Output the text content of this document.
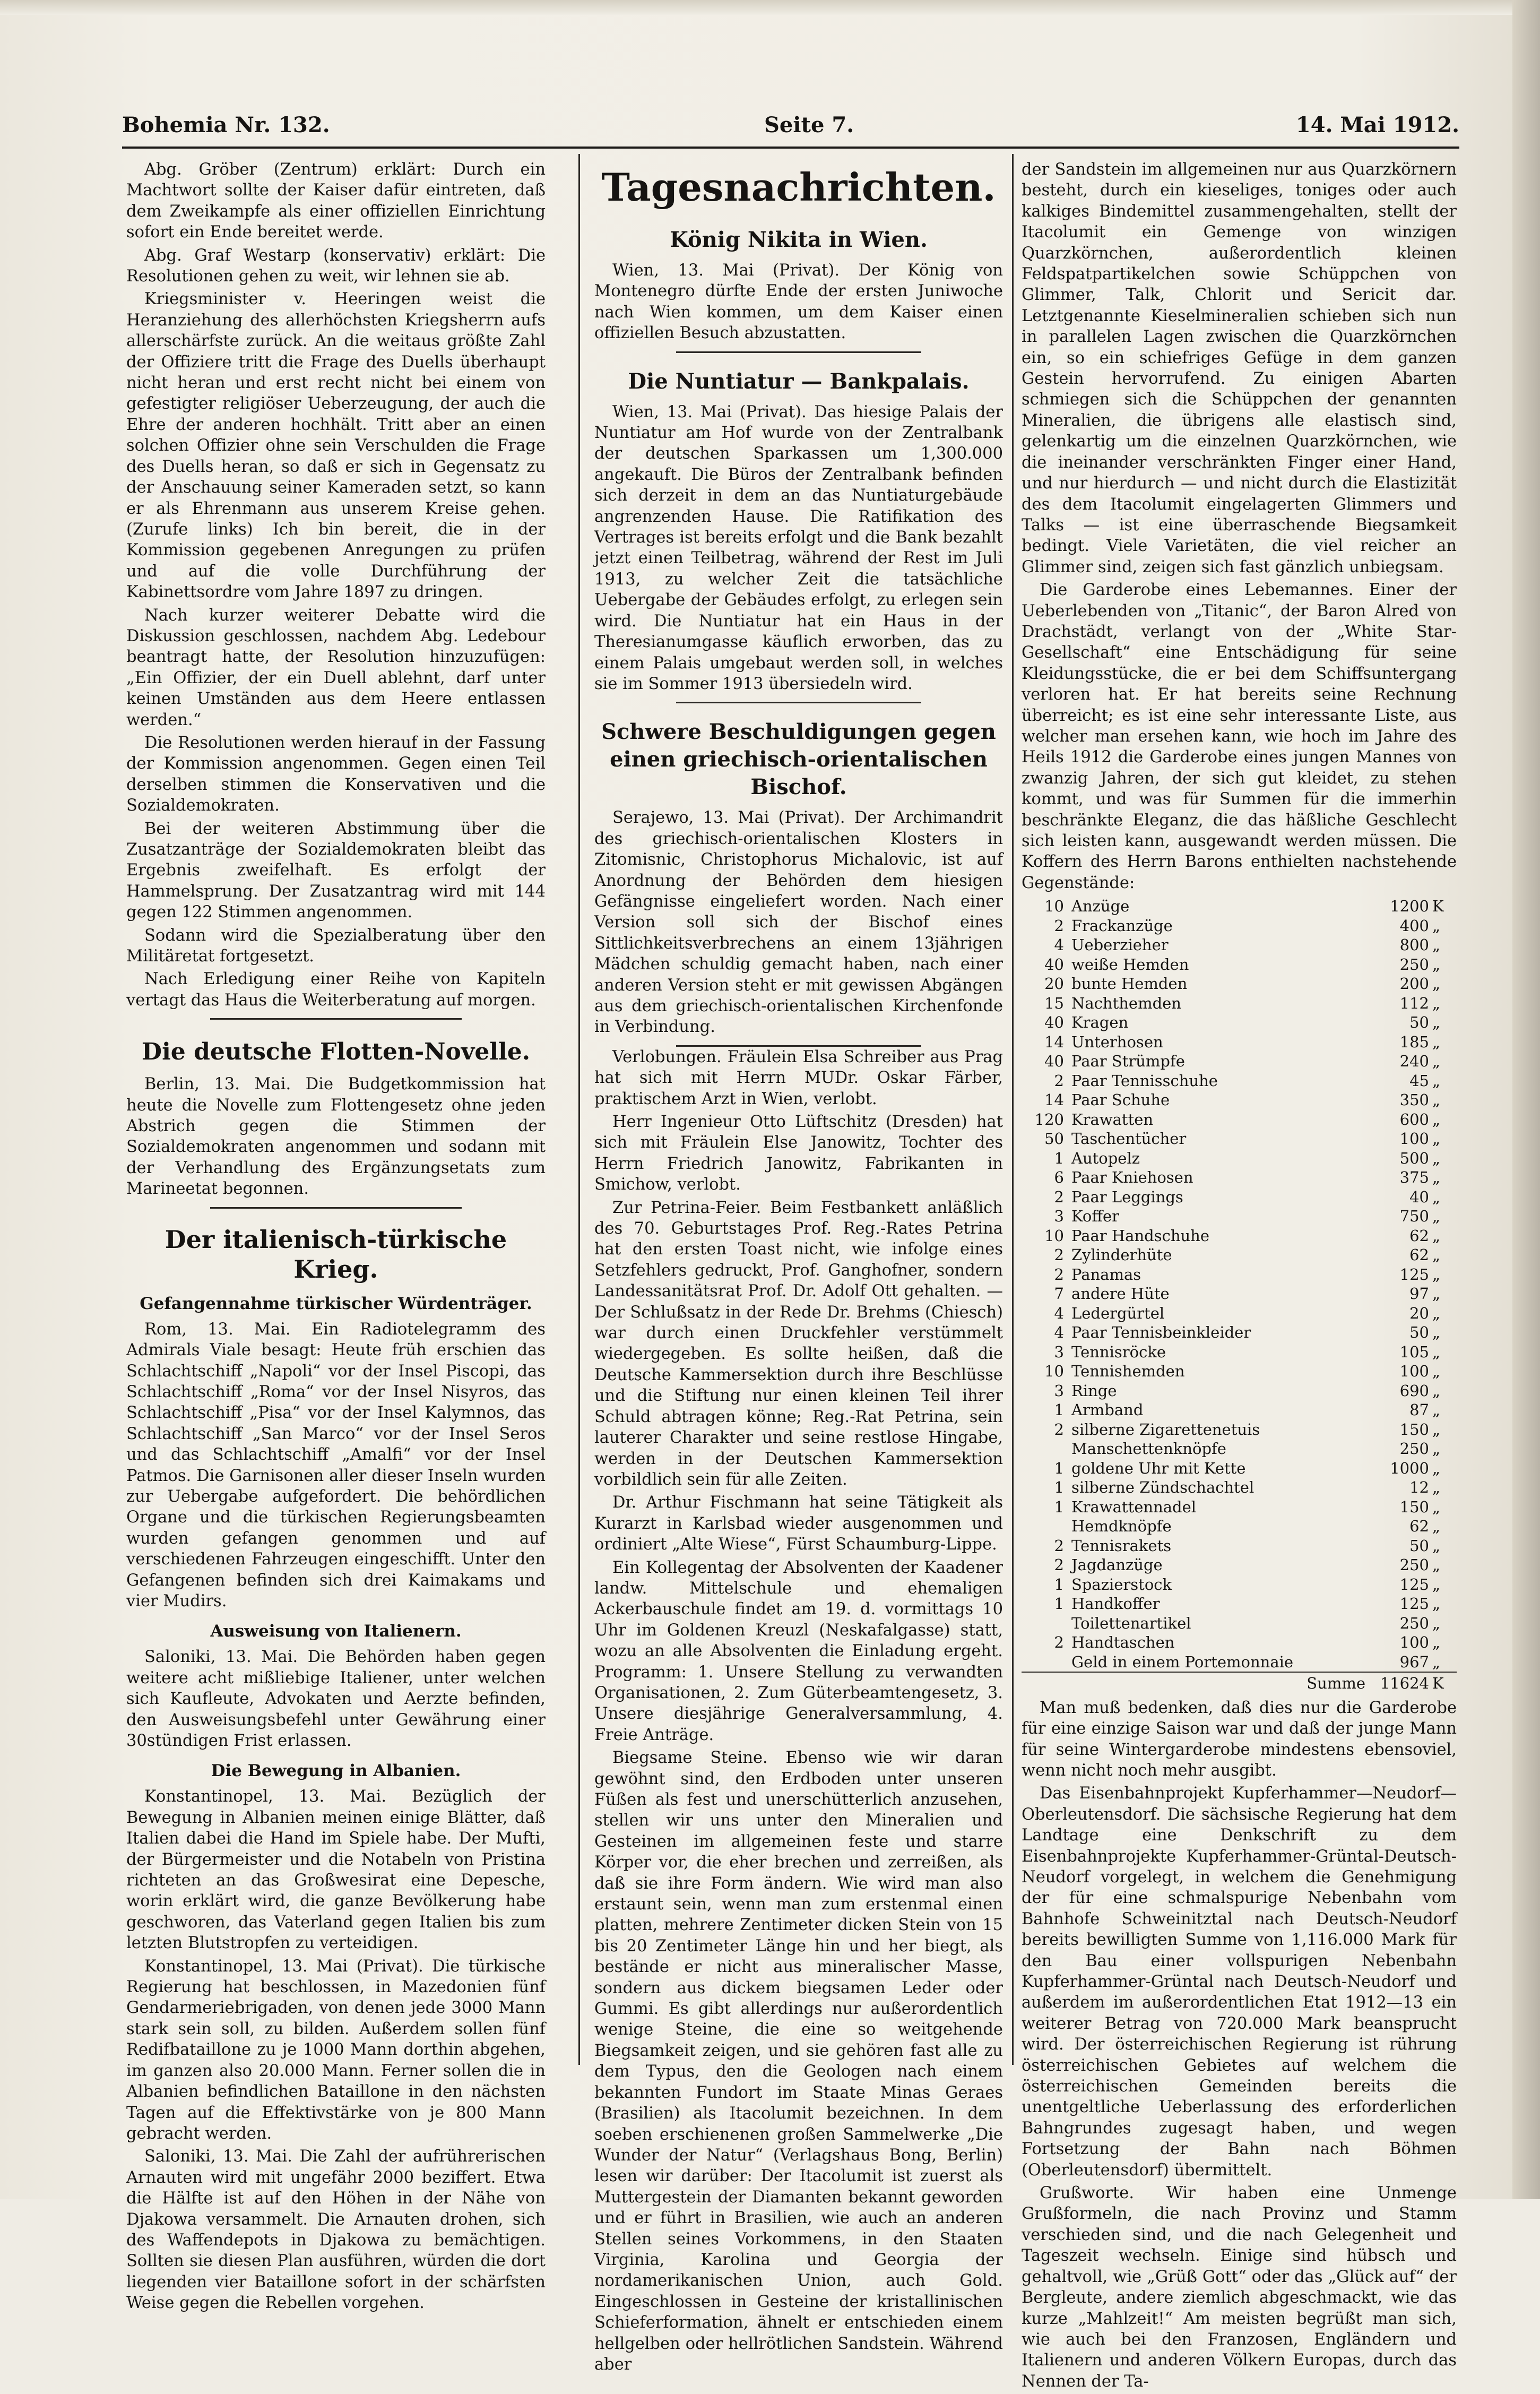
Bohemia Nr. 132.	Seite 7.	14. Mai 1912.

Abg. Gröber (Zentrum) erklärt: Durch ein Machtwort sollte der Kaiser dafür eintreten, daß dem Zweikampfe als einer offiziellen Einrichtung sofort ein Ende bereitet werde.

Abg. Graf Westarp (konservativ) erklärt: Die Resolutionen gehen zu weit, wir lehnen sie ab.

Kriegsminister v. Heeringen weist die Heranziehung des allerhöchsten Kriegsherrn aufs allerschärfste zurück. An die weitaus größte Zahl der Offiziere tritt die Frage des Duells überhaupt nicht heran und erst recht nicht bei einem von gefestigter religiöser Ueberzeugung, der auch die Ehre der anderen hochhält. Tritt aber an einen solchen Offizier ohne sein Verschulden die Frage des Duells heran, so daß er sich in Gegensatz zu der Anschauung seiner Kameraden setzt, so kann er als Ehrenmann aus unserem Kreise gehen. (Zurufe links) Ich bin bereit, die in der Kommission gegebenen Anregungen zu prüfen und auf die volle Durchführung der Kabinettsordre vom Jahre 1897 zu dringen.

Nach kurzer weiterer Debatte wird die Diskussion geschlossen, nachdem Abg. Ledebour beantragt hatte, der Resolution hinzuzufügen: „Ein Offizier, der ein Duell ablehnt, darf unter keinen Umständen aus dem Heere entlassen werden.“

Die Resolutionen werden hierauf in der Fassung der Kommission angenommen. Gegen einen Teil derselben stimmen die Konservativen und die Sozialdemokraten.

Bei der weiteren Abstimmung über die Zusatzanträge der Sozialdemokraten bleibt das Ergebnis zweifelhaft. Es erfolgt der Hammelsprung. Der Zusatzantrag wird mit 144 gegen 122 Stimmen angenommen.

Sodann wird die Spezialberatung über den Militäretat fortgesetzt.

Nach Erledigung einer Reihe von Kapiteln vertagt das Haus die Weiterberatung auf morgen.

Die deutsche Flotten-Novelle.

Berlin, 13. Mai. Die Budgetkommission hat heute die Novelle zum Flottengesetz ohne jeden Abstrich gegen die Stimmen der Sozialdemokraten angenommen und sodann mit der Verhandlung des Ergänzungsetats zum Marineetat begonnen.

Der italienisch-türkische Krieg.
Gefangennahme türkischer Würdenträger.

Rom, 13. Mai. Ein Radiotelegramm des Admirals Viale besagt: Heute früh erschien das Schlachtschiff „Napoli“ vor der Insel Piscopi, das Schlachtschiff „Roma“ vor der Insel Nisyros, das Schlachtschiff „Pisa“ vor der Insel Kalymnos, das Schlachtschiff „San Marco“ vor der Insel Seros und das Schlachtschiff „Amalfi“ vor der Insel Patmos. Die Garnisonen aller dieser Inseln wurden zur Uebergabe aufgefordert. Die behördlichen Organe und die türkischen Regierungsbeamten wurden gefangen genommen und auf verschiedenen Fahrzeugen eingeschifft. Unter den Gefangenen befinden sich drei Kaimakams und vier Mudirs.

Ausweisung von Italienern.

Saloniki, 13. Mai. Die Behörden haben gegen weitere acht mißliebige Italiener, unter welchen sich Kaufleute, Advokaten und Aerzte befinden, den Ausweisungsbefehl unter Gewährung einer 30stündigen Frist erlassen.

Die Bewegung in Albanien.

Konstantinopel, 13. Mai. Bezüglich der Bewegung in Albanien meinen einige Blätter, daß Italien dabei die Hand im Spiele habe. Der Mufti, der Bürgermeister und die Notabeln von Pristina richteten an das Großwesirat eine Depesche, worin erklärt wird, die ganze Bevölkerung habe geschworen, das Vaterland gegen Italien bis zum letzten Blutstropfen zu verteidigen.

Konstantinopel, 13. Mai (Privat). Die türkische Regierung hat beschlossen, in Mazedonien fünf Gendarmeriebrigaden, von denen jede 3000 Mann stark sein soll, zu bilden. Außerdem sollen fünf Redifbataillone zu je 1000 Mann dorthin abgehen, im ganzen also 20.000 Mann. Ferner sollen die in Albanien befindlichen Bataillone in den nächsten Tagen auf die Effektivstärke von je 800 Mann gebracht werden.

Saloniki, 13. Mai. Die Zahl der aufrührerischen Arnauten wird mit ungefähr 2000 beziffert. Etwa die Hälfte ist auf den Höhen in der Nähe von Djakowa versammelt. Die Arnauten drohen, sich des Waffendepots in Djakowa zu bemächtigen. Sollten sie diesen Plan ausführen, würden die dort liegenden vier Bataillone sofort in der schärfsten Weise gegen die Rebellen vorgehen.

Tagesnachrichten.
König Nikita in Wien.

Wien, 13. Mai (Privat). Der König von Montenegro dürfte Ende der ersten Juniwoche nach Wien kommen, um dem Kaiser einen offiziellen Besuch abzustatten.

Die Nuntiatur — Bankpalais.

Wien, 13. Mai (Privat). Das hiesige Palais der Nuntiatur am Hof wurde von der Zentralbank der deutschen Sparkassen um 1,300.000 angekauft. Die Büros der Zentralbank befinden sich derzeit in dem an das Nuntiaturgebäude angrenzenden Hause. Die Ratifikation des Vertrages ist bereits erfolgt und die Bank bezahlt jetzt einen Teilbetrag, während der Rest im Juli 1913, zu welcher Zeit die tatsächliche Uebergabe der Gebäudes erfolgt, zu erlegen sein wird. Die Nuntiatur hat ein Haus in der Theresianumgasse käuflich erworben, das zu einem Palais umgebaut werden soll, in welches sie im Sommer 1913 übersiedeln wird.

Schwere Beschuldigungen gegen einen griechisch-orientalischen Bischof.

Serajewo, 13. Mai (Privat). Der Archimandrit des griechisch-orientalischen Klosters in Zitomisnic, Christophorus Michalovic, ist auf Anordnung der Behörden dem hiesigen Gefängnisse eingeliefert worden. Nach einer Version soll sich der Bischof eines Sittlichkeitsverbrechens an einem 13jährigen Mädchen schuldig gemacht haben, nach einer anderen Version steht er mit gewissen Abgängen aus dem griechisch-orientalischen Kirchenfonde in Verbindung.

Verlobungen. Fräulein Elsa Schreiber aus Prag hat sich mit Herrn MUDr. Oskar Färber, praktischem Arzt in Wien, verlobt.

Herr Ingenieur Otto Lüftschitz (Dresden) hat sich mit Fräulein Else Janowitz, Tochter des Herrn Friedrich Janowitz, Fabrikanten in Smichow, verlobt.

Zur Petrina-Feier. Beim Festbankett anläßlich des 70. Geburtstages Prof. Reg.-Rates Petrina hat den ersten Toast nicht, wie infolge eines Setzfehlers gedruckt, Prof. Ganghofner, sondern Landessanitätsrat Prof. Dr. Adolf Ott gehalten. — Der Schlußsatz in der Rede Dr. Brehms (Chiesch) war durch einen Druckfehler verstümmelt wiedergegeben. Es sollte heißen, daß die Deutsche Kammersektion durch ihre Beschlüsse und die Stiftung nur einen kleinen Teil ihrer Schuld abtragen könne; Reg.-Rat Petrina, sein lauterer Charakter und seine restlose Hingabe, werden in der Deutschen Kammersektion vorbildlich sein für alle Zeiten.

Dr. Arthur Fischmann hat seine Tätigkeit als Kurarzt in Karlsbad wieder ausgenommen und ordiniert „Alte Wiese“, Fürst Schaumburg-Lippe.

Ein Kollegentag der Absolventen der Kaadener landw. Mittelschule und ehemaligen Ackerbauschule findet am 19. d. vormittags 10 Uhr im Goldenen Kreuzl (Neskafalgasse) statt, wozu an alle Absolventen die Einladung ergeht. Programm: 1. Unsere Stellung zu verwandten Organisationen, 2. Zum Güterbeamtengesetz, 3. Unsere diesjährige Generalversammlung, 4. Freie Anträge.

Biegsame Steine. Ebenso wie wir daran gewöhnt sind, den Erdboden unter unseren Füßen als fest und unerschütterlich anzusehen, stellen wir uns unter den Mineralien und Gesteinen im allgemeinen feste und starre Körper vor, die eher brechen und zerreißen, als daß sie ihre Form ändern. Wie wird man also erstaunt sein, wenn man zum erstenmal einen platten, mehrere Zentimeter dicken Stein von 15 bis 20 Zentimeter Länge hin und her biegt, als bestände er nicht aus mineralischer Masse, sondern aus dickem biegsamen Leder oder Gummi. Es gibt allerdings nur außerordentlich wenige Steine, die eine so weitgehende Biegsamkeit zeigen, und sie gehören fast alle zu dem Typus, den die Geologen nach einem bekannten Fundort im Staate Minas Geraes (Brasilien) als Itacolumit bezeichnen. In dem soeben erschienenen großen Sammelwerke „Die Wunder der Natur“ (Verlagshaus Bong, Berlin) lesen wir darüber: Der Itacolumit ist zuerst als Muttergestein der Diamanten bekannt geworden und er führt in Brasilien, wie auch an anderen Stellen seines Vorkommens, in den Staaten Virginia, Karolina und Georgia der nordamerikanischen Union, auch Gold. Eingeschlossen in Gesteine der kristallinischen Schieferformation, ähnelt er entschieden einem hellgelben oder hellrötlichen Sandstein. Während aber

der Sandstein im allgemeinen nur aus Quarzkörnern besteht, durch ein kieseliges, toniges oder auch kalkiges Bindemittel zusammengehalten, stellt der Itacolumit ein Gemenge von winzigen Quarzkörnchen, außerordentlich kleinen Feldspatpartikelchen sowie Schüppchen von Glimmer, Talk, Chlorit und Sericit dar. Letztgenannte Kieselmineralien schieben sich nun in parallelen Lagen zwischen die Quarzkörnchen ein, so ein schiefriges Gefüge in dem ganzen Gestein hervorrufend. Zu einigen Abarten schmiegen sich die Schüppchen der genannten Mineralien, die übrigens alle elastisch sind, gelenkartig um die einzelnen Quarzkörnchen, wie die ineinander verschränkten Finger einer Hand, und nur hierdurch — und nicht durch die Elastizität des dem Itacolumit eingelagerten Glimmers und Talks — ist eine überraschende Biegsamkeit bedingt. Viele Varietäten, die viel reicher an Glimmer sind, zeigen sich fast gänzlich unbiegsam.

Die Garderobe eines Lebemannes. Einer der Ueberlebenden von „Titanic“, der Baron Alred von Drachstädt, verlangt von der „White Star-Gesellschaft“ eine Entschädigung für seine Kleidungsstücke, die er bei dem Schiffsuntergang verloren hat. Er hat bereits seine Rechnung überreicht; es ist eine sehr interessante Liste, aus welcher man ersehen kann, wie hoch im Jahre des Heils 1912 die Garderobe eines jungen Mannes von zwanzig Jahren, der sich gut kleidet, zu stehen kommt, und was für Summen für die immerhin beschränkte Eleganz, die das häßliche Geschlecht sich leisten kann, ausgewandt werden müssen. Die Koffern des Herrn Barons enthielten nachstehende Gegenstände:

10	Anzüge	1200	K
2	Frackanzüge	400	„
4	Ueberzieher	800	„
40	weiße Hemden	250	„
20	bunte Hemden	200	„
15	Nachthemden	112	„
40	Kragen	50	„
14	Unterhosen	185	„
40	Paar Strümpfe	240	„
2	Paar Tennisschuhe	45	„
14	Paar Schuhe	350	„
120	Krawatten	600	„
50	Taschentücher	100	„
1	Autopelz	500	„
6	Paar Kniehosen	375	„
2	Paar Leggings	40	„
3	Koffer	750	„
10	Paar Handschuhe	62	„
2	Zylinderhüte	62	„
2	Panamas	125	„
7	andere Hüte	97	„
4	Ledergürtel	20	„
4	Paar Tennisbeinkleider	50	„
3	Tennisröcke	105	„
10	Tennishemden	100	„
3	Ringe	690	„
1	Armband	87	„
2	silberne Zigarettenetuis	150	„
	Manschettenknöpfe	250	„
1	goldene Uhr mit Kette	1000	„
1	silberne Zündschachtel	12	„
1	Krawattennadel	150	„
	Hemdknöpfe	62	„
2	Tennisrakets	50	„
2	Jagdanzüge	250	„
1	Spazierstock	125	„
1	Handkoffer	125	„
	Toilettenartikel	250	„
2	Handtaschen	100	„
	Geld in einem Portemonnaie	967	„
	Summe	11624	K

Man muß bedenken, daß dies nur die Garderobe für eine einzige Saison war und daß der junge Mann für seine Wintergarderobe mindestens ebensoviel, wenn nicht noch mehr ausgibt.

Das Eisenbahnprojekt Kupferhammer—Neudorf—Oberleutensdorf. Die sächsische Regierung hat dem Landtage eine Denkschrift zu dem Eisenbahnprojekte Kupferhammer-Grüntal-Deutsch-Neudorf vorgelegt, in welchem die Genehmigung der für eine schmalspurige Nebenbahn vom Bahnhofe Schweinitztal nach Deutsch-Neudorf bereits bewilligten Summe von 1,116.000 Mark für den Bau einer vollspurigen Nebenbahn Kupferhammer-Grüntal nach Deutsch-Neudorf und außerdem im außerordentlichen Etat 1912—13 ein weiterer Betrag von 720.000 Mark beansprucht wird. Der österreichischen Regierung ist rührung österreichischen Gebietes auf welchem die österreichischen Gemeinden bereits die unentgeltliche Ueberlassung des erforderlichen Bahngrundes zugesagt haben, und wegen Fortsetzung der Bahn nach Böhmen (Oberleutensdorf) übermittelt.

Grußworte. Wir haben eine Unmenge Grußformeln, die nach Provinz und Stamm verschieden sind, und die nach Gelegenheit und Tageszeit wechseln. Einige sind hübsch und gehaltvoll, wie „Grüß Gott“ oder das „Glück auf“ der Bergleute, andere ziemlich abgeschmackt, wie das kurze „Mahlzeit!“ Am meisten begrüßt man sich, wie auch bei den Franzosen, Engländern und Italienern und anderen Völkern Europas, durch das Nennen der Ta-
